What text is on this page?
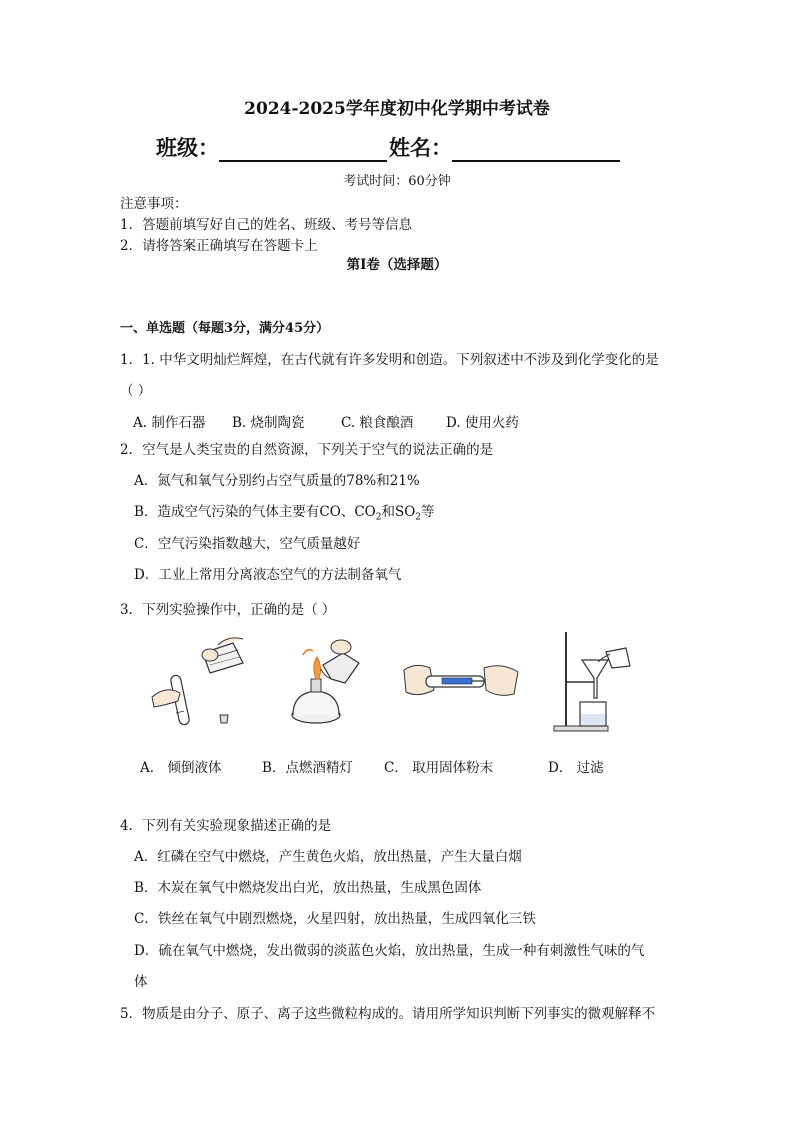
2024-2025学年度初中化学期中考试卷
班级：	姓名：
考试时间：60分钟
注意事项：
1．答题前填写好自己的姓名、班级、考号等信息
2．请将答案正确填写在答题卡上
第I卷（选择题）
一、单选题（每题3分，满分45分）
1．1. 中华文明灿烂辉煌，在古代就有许多发明和创造。下列叙述中不涉及到化学变化的是
（ ）
A. 制作石器 B. 烧制陶瓷	C. 粮食酿酒 D. 使用火药
2．空气是人类宝贵的自然资源，下列关于空气的说法正确的是
A．氮气和氧气分别约占空气质量的78%和21%
B．造成空气污染的气体主要有CO、$CO_2$和$SO_2$等
C．空气污染指数越大，空气质量越好
D．工业上常用分离液态空气的方法制备氧气
3．下列实验操作中，正确的是（ ）
A． 倾倒液体	B．点燃酒精灯 C． 取用固体粉末	D． 过滤
4．下列有关实验现象描述正确的是
A．红磷在空气中燃烧，产生黄色火焰，放出热量，产生大量白烟
B．木炭在氧气中燃烧发出白光，放出热量，生成黑色固体
C．铁丝在氧气中剧烈燃烧，火星四射，放出热量，生成四氧化三铁
D．硫在氧气中燃烧，发出微弱的淡蓝色火焰，放出热量，生成一种有刺激性气味的气
体
5．物质是由分子、原子、离子这些微粒构成的。请用所学知识判断下列事实的微观解释不
